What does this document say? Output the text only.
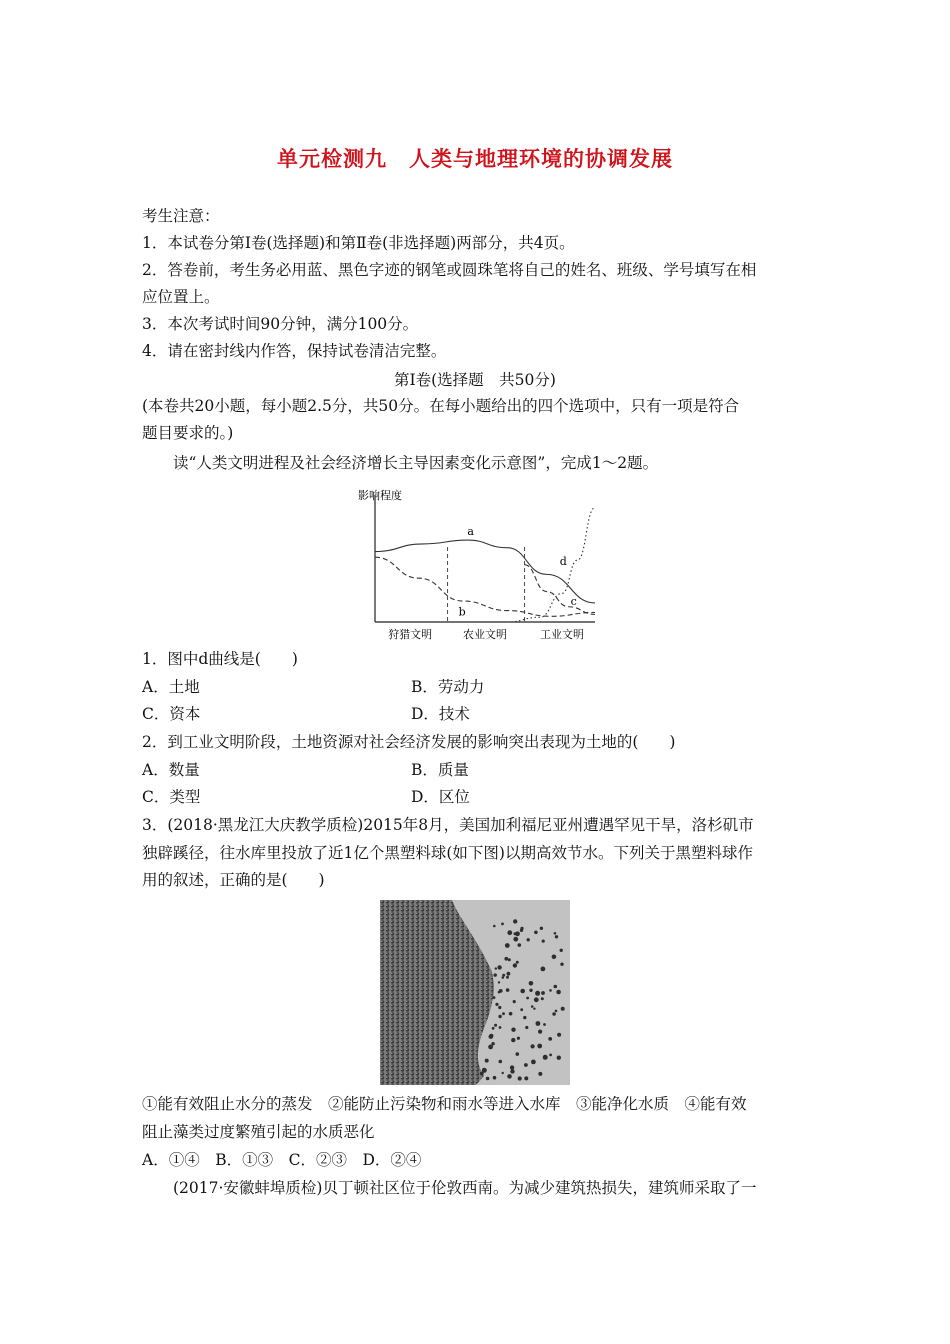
单元检测九　人类与地理环境的协调发展
考生注意：
1．本试卷分第Ⅰ卷(选择题)和第Ⅱ卷(非选择题)两部分，共4页。
2．答卷前，考生务必用蓝、黑色字迹的钢笔或圆珠笔将自己的姓名、班级、学号填写在相
应位置上。
3．本次考试时间90分钟，满分100分。
4．请在密封线内作答，保持试卷清洁完整。
第Ⅰ卷(选择题　共50分)
(本卷共20小题，每小题2.5分，共50分。在每小题给出的四个选项中，只有一项是符合
题目要求的。)
读“人类文明进程及社会经济增长主导因素变化示意图”，完成1～2题。
影响程度
a
b
c
d
狩猎文明	农业文明	工业文明
1．图中d曲线是(　　)
A．土地	B．劳动力
C．资本	D．技术
2．到工业文明阶段，土地资源对社会经济发展的影响突出表现为土地的(　　)
A．数量	B．质量
C．类型	D．区位
3．(2018·黑龙江大庆教学质检)2015年8月，美国加利福尼亚州遭遇罕见干旱，洛杉矶市
独辟蹊径，往水库里投放了近1亿个黑塑料球(如下图)以期高效节水。下列关于黑塑料球作
用的叙述，正确的是(　　)
①能有效阻止水分的蒸发　②能防止污染物和雨水等进入水库　③能净化水质　④能有效
阻止藻类过度繁殖引起的水质恶化
A．①④　B．①③　C．②③　D．②④
(2017·安徽蚌埠质检)贝丁顿社区位于伦敦西南。为减少建筑热损失，建筑师采取了一
